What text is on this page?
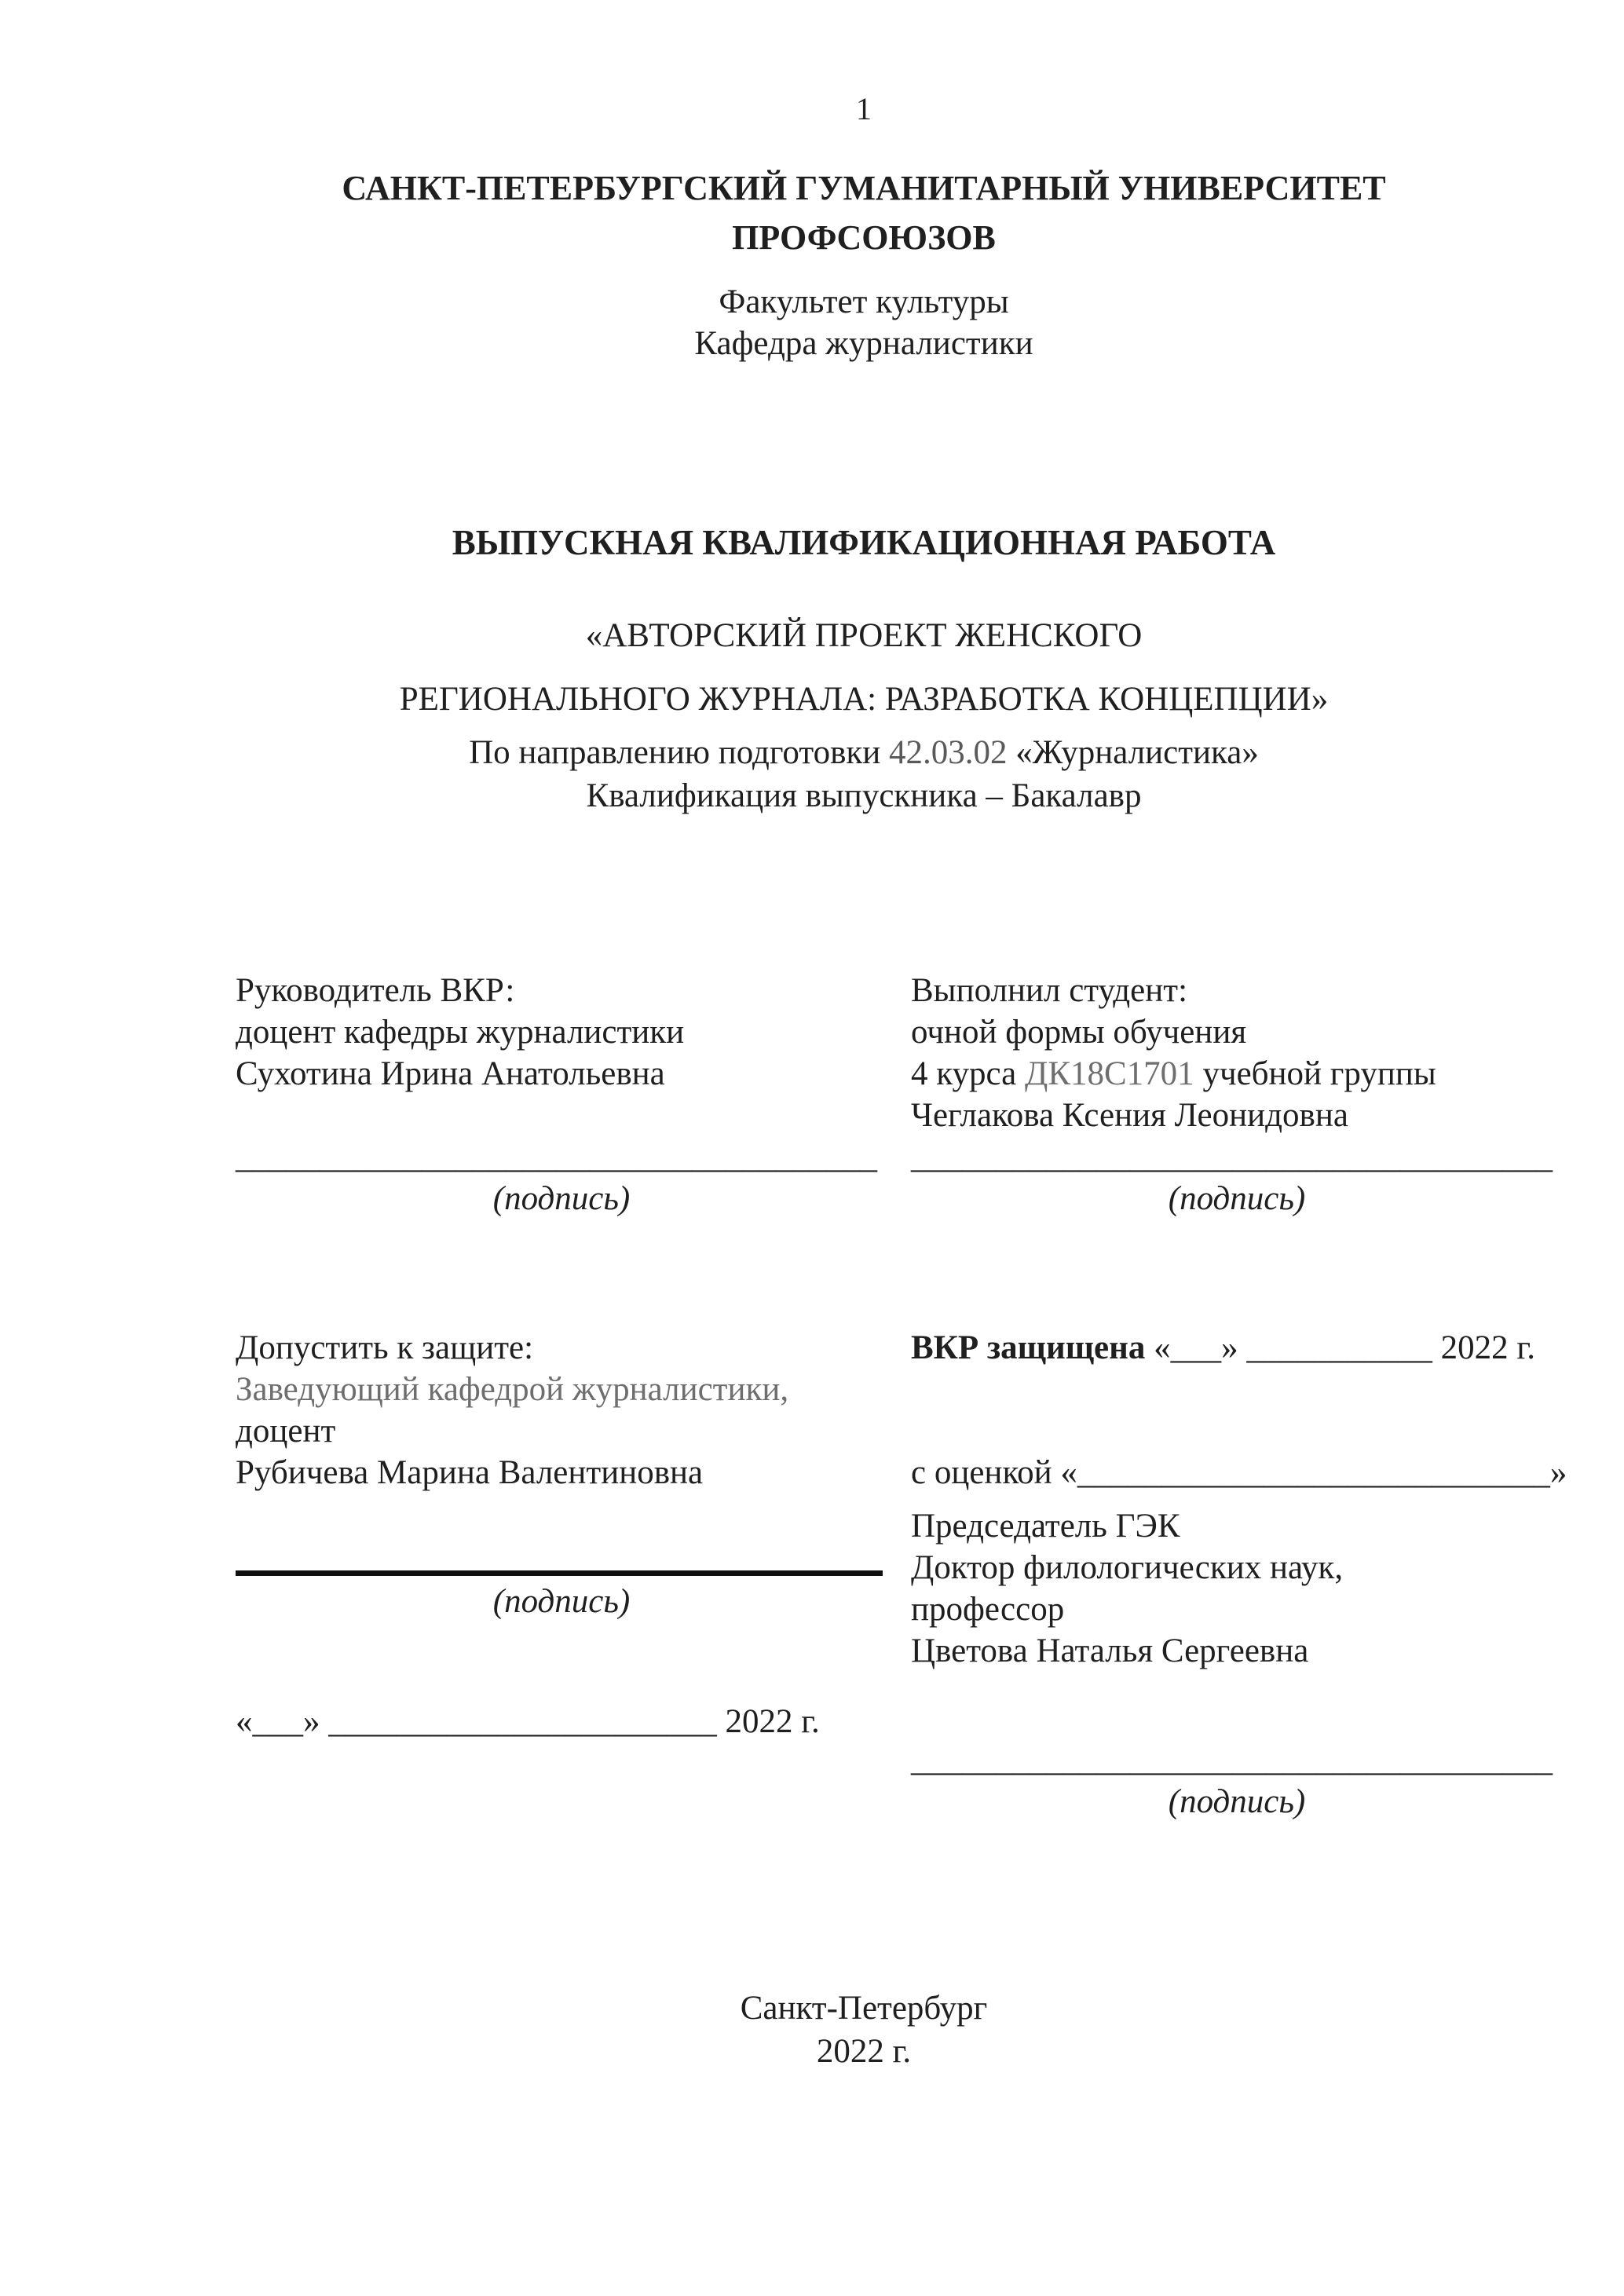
1

САНКТ-ПЕТЕРБУРГСКИЙ ГУМАНИТАРНЫЙ УНИВЕРСИТЕТ

ПРОФСОЮЗОВ

Факультет культуры

Кафедра журналистики

ВЫПУСКНАЯ КВАЛИФИКАЦИОННАЯ РАБОТА

«АВТОРСКИЙ ПРОЕКТ ЖЕНСКОГО

РЕГИОНАЛЬНОГО ЖУРНАЛА: РАЗРАБОТКА КОНЦЕПЦИИ»

По направлению подготовки 42.03.02 «Журналистика»

Квалификация выпускника – Бакалавр

Руководитель ВКР:

доцент кафедры журналистики

Сухотина Ирина Анатольевна

______________________________________

(подпись)

Выполнил студент:

очной формы обучения

4 курса ДК18С1701 учебной группы

Чеглакова Ксения Леонидовна

______________________________________

(подпись)

Допустить к защите:

Заведующий кафедрой журналистики,

доцент

Рубичева Марина Валентиновна

(подпись)

«___» ___________​____________ 2022 г.

ВКР защищена «___» ___________ 2022 г.

с оценкой «____________________________»

Председатель ГЭК

Доктор филологических наук,

профессор

Цветова Наталья Сергеевна

______________________________________

(подпись)

Санкт-Петербург

2022 г.
